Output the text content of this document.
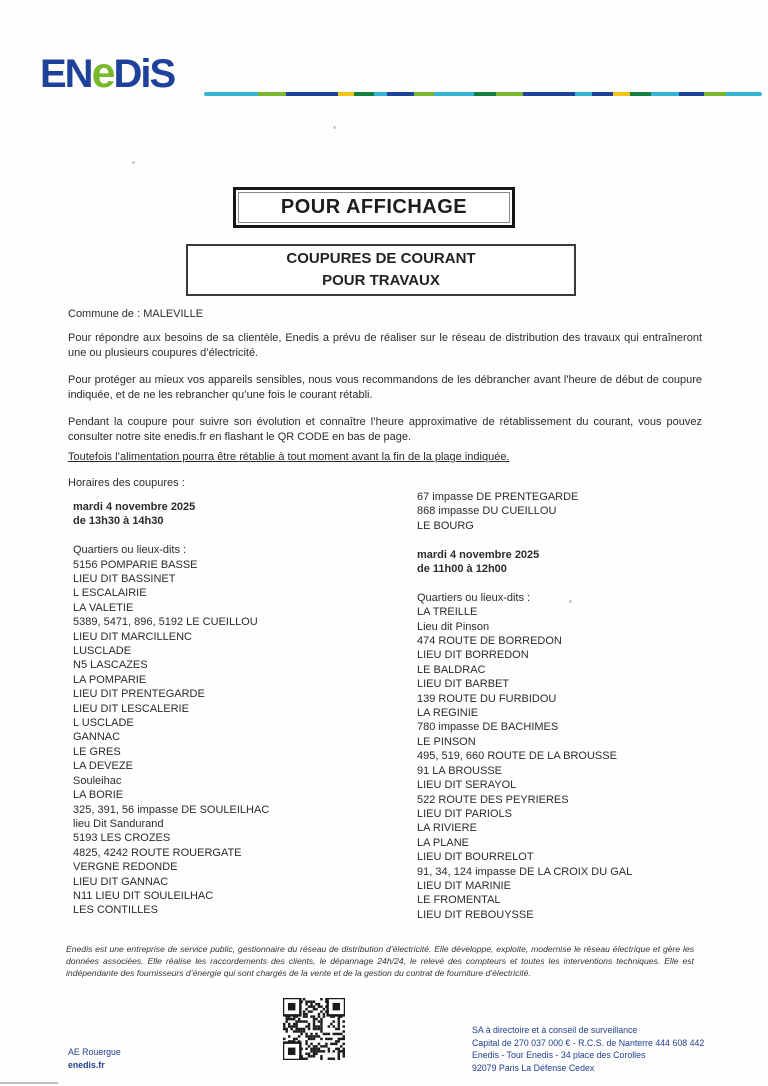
ENeDiS
POUR AFFICHAGE
COUPURES DE COURANT
POUR TRAVAUX
Commune de : MALEVILLE

Pour répondre aux besoins de sa clientèle, Enedis a prévu de réaliser sur le réseau de distribution des travaux qui entraîneront une ou plusieurs coupures d’électricité.

Pour protéger au mieux vos appareils sensibles, nous vous recommandons de les débrancher avant l'heure de début de coupure indiquée, et de ne les rebrancher qu’une fois le courant rétabli.

Pendant la coupure pour suivre son évolution et connaître l’heure approximative de rétablissement du courant, vous pouvez consulter notre site enedis.fr en flashant le QR CODE en bas de page.

Toutefois l’alimentation pourra être rétablie à tout moment avant la fin de la plage indiquée.

Horaires des coupures :
mardi 4 novembre 2025
de 13h30 à 14h30
Quartiers ou lieux-dits :
5156 POMPARIE BASSE
LIEU DIT BASSINET
L ESCALAIRIE
LA VALETIE
5389, 5471, 896, 5192 LE CUEILLOU
LIEU DIT MARCILLENC
LUSCLADE
N5 LASCAZES
LA POMPARIE
LIEU DIT PRENTEGARDE
LIEU DIT LESCALERIE
L USCLADE
GANNAC
LE GRES
LA DEVEZE
Souleihac
LA BORIE
325, 391, 56 impasse DE SOULEILHAC
lieu Dit Sandurand
5193 LES CROZES
4825, 4242 ROUTE ROUERGATE
VERGNE REDONDE
LIEU DIT GANNAC
N11 LIEU DIT SOULEILHAC
LES CONTILLES
67 impasse DE PRENTEGARDE
868 impasse DU CUEILLOU
LE BOURG
mardi 4 novembre 2025
de 11h00 à 12h00
Quartiers ou lieux-dits :
LA TREILLE
Lieu dit Pinson
474 ROUTE DE BORREDON
LIEU DIT BORREDON
LE BALDRAC
LIEU DIT BARBET
139 ROUTE DU FURBIDOU
LA REGINIE
780 impasse DE BACHIMES
LE PINSON
495, 519, 660 ROUTE DE LA BROUSSE
91 LA BROUSSE
LIEU DIT SERAYOL
522 ROUTE DES PEYRIERES
LIEU DIT PARIOLS
LA RIVIERE
LA PLANE
LIEU DIT BOURRELOT
91, 34, 124 impasse DE LA CROIX DU GAL
LIEU DIT MARINIE
LE FROMENTAL
LIEU DIT REBOUYSSE

Enedis est une entreprise de service public, gestionnaire du réseau de distribution d’électricité. Elle développe, exploite, modernise le réseau électrique et gère les données associées. Elle réalise les raccordements des clients, le dépannage 24h/24, le relevé des compteurs et toutes les interventions techniques. Elle est indépendante des fournisseurs d’énergie qui sont chargés de la vente et de la gestion du contrat de fourniture d’électricité.

AE Rouergue
enedis.fr
SA à directoire et à conseil de surveillance
Capital de 270 037 000 € - R.C.S. de Nanterre 444 608 442
Enedis - Tour Enedis - 34 place des Corolles
92079 Paris La Défense Cedex
